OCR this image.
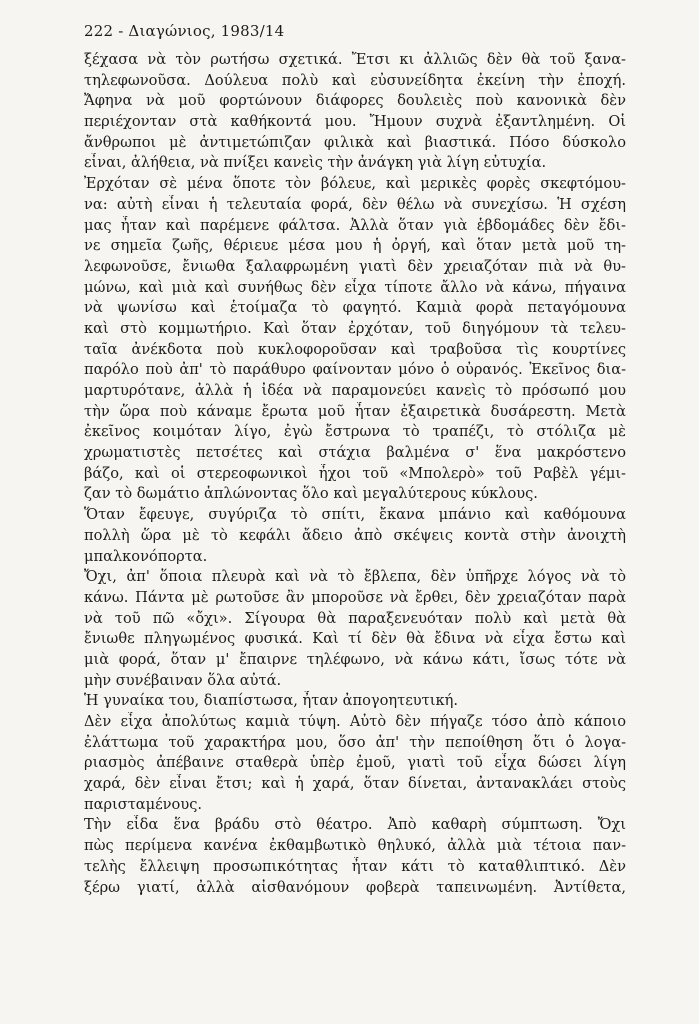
222 - Διαγώνιος, 1983/14
ξέχασα νὰ τὸν ρωτήσω σχετικά. Ἔτσι κι ἀλλιῶς δὲν θὰ τοῦ ξανα-
τηλεφωνοῦσα. Δούλευα πολὺ καὶ εὐσυνείδητα ἐκείνη τὴν ἐποχή.
Ἄφηνα νὰ μοῦ φορτώνουν διάφορες δουλειὲς ποὺ κανονικὰ δὲν
περιέχονταν στὰ καθήκοντά μου. Ἤμουν συχνὰ ἐξαντλημένη. Οἱ
ἄνθρωποι μὲ ἀντιμετώπιζαν φιλικὰ καὶ βιαστικά. Πόσο δύσκολο
εἶναι, ἀλήθεια, νὰ πνίξει κανεὶς τὴν ἀνάγκη γιὰ λίγη εὐτυχία.
Ἐρχόταν σὲ μένα ὅποτε τὸν βόλευε, καὶ μερικὲς φορὲς σκεφτόμου-
να: αὐτὴ εἶναι ἡ τελευταία φορά, δὲν θέλω νὰ συνεχίσω. Ἡ σχέση
μας ἦταν καὶ παρέμενε φάλτσα. Ἀλλὰ ὅταν γιὰ ἑβδομάδες δὲν ἔδι-
νε σημεῖα ζωῆς, θέριευε μέσα μου ἡ ὀργή, καὶ ὅταν μετὰ μοῦ τη-
λεφωνοῦσε, ἔνιωθα ξαλαφρωμένη γιατὶ δὲν χρειαζόταν πιὰ νὰ θυ-
μώνω, καὶ μιὰ καὶ συνήθως δὲν εἶχα τίποτε ἄλλο νὰ κάνω, πήγαινα
νὰ ψωνίσω καὶ ἑτοίμαζα τὸ φαγητό. Καμιὰ φορὰ πεταγόμουνα
καὶ στὸ κομμωτήριο. Καὶ ὅταν ἐρχόταν, τοῦ διηγόμουν τὰ τελευ-
ταῖα ἀνέκδοτα ποὺ κυκλοφοροῦσαν καὶ τραβοῦσα τὶς κουρτίνες
παρόλο ποὺ ἀπ' τὸ παράθυρο φαίνονταν μόνο ὁ οὐρανός. Ἐκεῖνος δια-
μαρτυρότανε, ἀλλὰ ἡ ἰδέα νὰ παραμονεύει κανεὶς τὸ πρόσωπό μου
τὴν ὥρα ποὺ κάναμε ἔρωτα μοῦ ἦταν ἐξαιρετικὰ δυσάρεστη. Μετὰ
ἐκεῖνος κοιμόταν λίγο, ἐγὼ ἔστρωνα τὸ τραπέζι, τὸ στόλιζα μὲ
χρωματιστὲς πετσέτες καὶ στάχια βαλμένα σ' ἕνα μακρόστενο
βάζο, καὶ οἱ στερεοφωνικοὶ ἦχοι τοῦ «Μπολερὸ» τοῦ Ραβὲλ γέμι-
ζαν τὸ δωμάτιο ἁπλώνοντας ὅλο καὶ μεγαλύτερους κύκλους.
Ὅταν ἔφευγε, συγύριζα τὸ σπίτι, ἔκανα μπάνιο καὶ καθόμουνα
πολλὴ ὥρα μὲ τὸ κεφάλι ἄδειο ἀπὸ σκέψεις κοντὰ στὴν ἀνοιχτὴ
μπαλκονόπορτα.
Ὄχι, ἀπ' ὅποια πλευρὰ καὶ νὰ τὸ ἔβλεπα, δὲν ὑπῆρχε λόγος νὰ τὸ
κάνω. Πάντα μὲ ρωτοῦσε ἂν μποροῦσε νὰ ἔρθει, δὲν χρειαζόταν παρὰ
νὰ τοῦ πῶ «ὄχι». Σίγουρα θὰ παραξενευόταν πολὺ καὶ μετὰ θὰ
ἔνιωθε πληγωμένος φυσικά. Καὶ τί δὲν θὰ ἔδινα νὰ εἶχα ἔστω καὶ
μιὰ φορά, ὅταν μ' ἔπαιρνε τηλέφωνο, νὰ κάνω κάτι, ἴσως τότε νὰ
μὴν συνέβαιναν ὅλα αὐτά.
Ἡ γυναίκα του, διαπίστωσα, ἦταν ἀπογοητευτική.
Δὲν εἶχα ἀπολύτως καμιὰ τύψη. Αὐτὸ δὲν πήγαζε τόσο ἀπὸ κάποιο
ἐλάττωμα τοῦ χαρακτήρα μου, ὅσο ἀπ' τὴν πεποίθηση ὅτι ὁ λογα-
ριασμὸς ἀπέβαινε σταθερὰ ὑπὲρ ἐμοῦ, γιατὶ τοῦ εἶχα δώσει λίγη
χαρά, δὲν εἶναι ἔτσι; καὶ ἡ χαρά, ὅταν δίνεται, ἀντανακλάει στοὺς
παρισταμένους.
Τὴν εἶδα ἕνα βράδυ στὸ θέατρο. Ἀπὸ καθαρὴ σύμπτωση. Ὄχι
πὼς περίμενα κανένα ἐκθαμβωτικὸ θηλυκό, ἀλλὰ μιὰ τέτοια παν-
τελὴς ἔλλειψη προσωπικότητας ἦταν κάτι τὸ καταθλιπτικό. Δὲν
ξέρω γιατί, ἀλλὰ αἰσθανόμουν φοβερὰ ταπεινωμένη. Ἀντίθετα,
